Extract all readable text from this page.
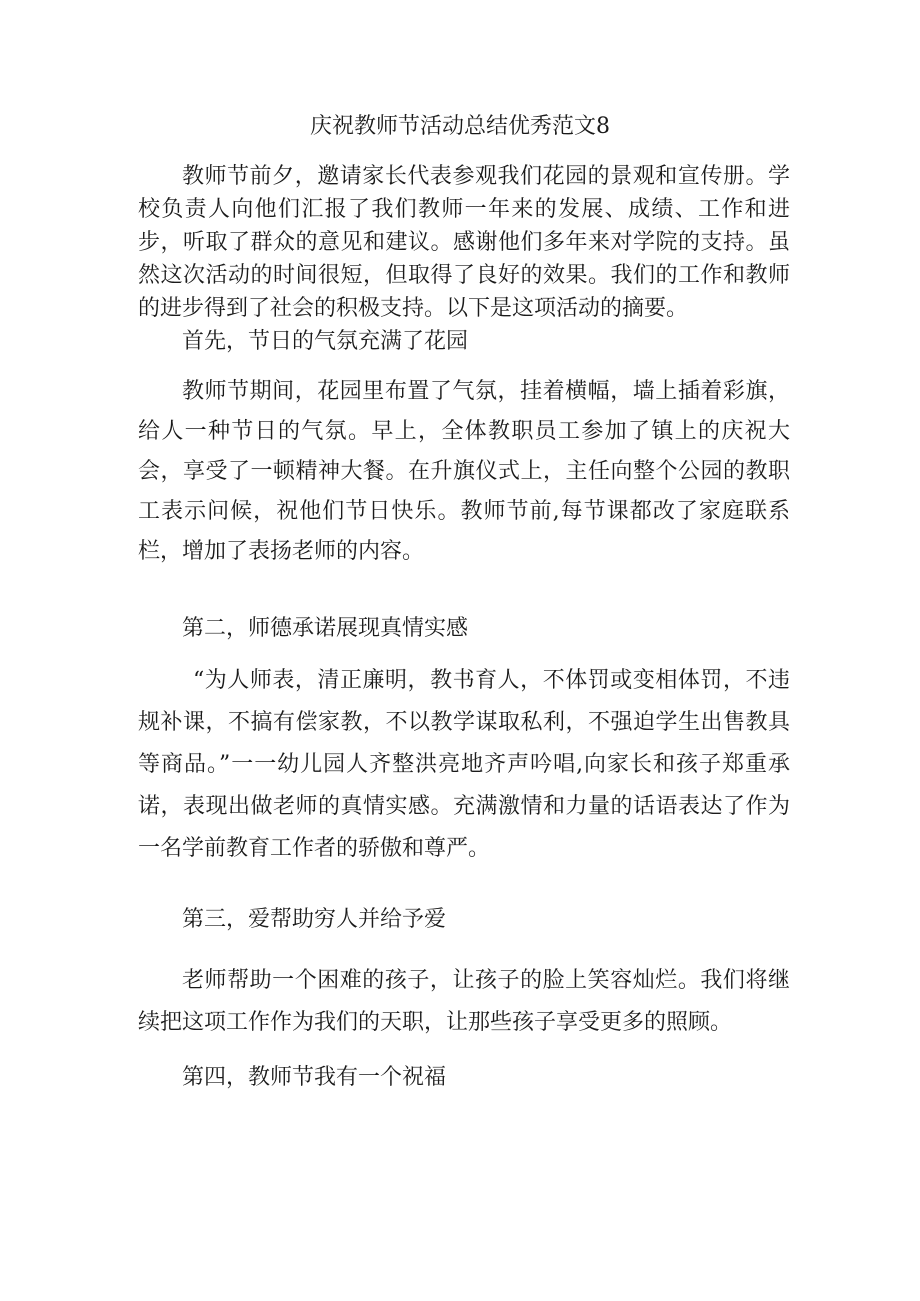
庆祝教师节活动总结优秀范文8

教师节前夕，邀请家长代表参观我们花园的景观和宣传册。学校负责人向他们汇报了我们教师一年来的发展、成绩、工作和进步，听取了群众的意见和建议。感谢他们多年来对学院的支持。虽然这次活动的时间很短，但取得了良好的效果。我们的工作和教师的进步得到了社会的积极支持。以下是这项活动的摘要。

首先，节日的气氛充满了花园

教师节期间，花园里布置了气氛，挂着横幅，墙上插着彩旗，给人一种节日的气氛。早上，全体教职员工参加了镇上的庆祝大会，享受了一顿精神大餐。在升旗仪式上，主任向整个公园的教职工表示问候，祝他们节日快乐。教师节前,每节课都改了家庭联系栏，增加了表扬老师的内容。

第二，师德承诺展现真情实感

“为人师表，清正廉明，教书育人，不体罚或变相体罚，不违规补课，不搞有偿家教，不以教学谋取私利，不强迫学生出售教具等商品。”一一幼儿园人齐整洪亮地齐声吟唱,向家长和孩子郑重承诺，表现出做老师的真情实感。充满激情和力量的话语表达了作为一名学前教育工作者的骄傲和尊严。

第三，爱帮助穷人并给予爱

老师帮助一个困难的孩子，让孩子的脸上笑容灿烂。我们将继续把这项工作作为我们的天职，让那些孩子享受更多的照顾。

第四，教师节我有一个祝福
